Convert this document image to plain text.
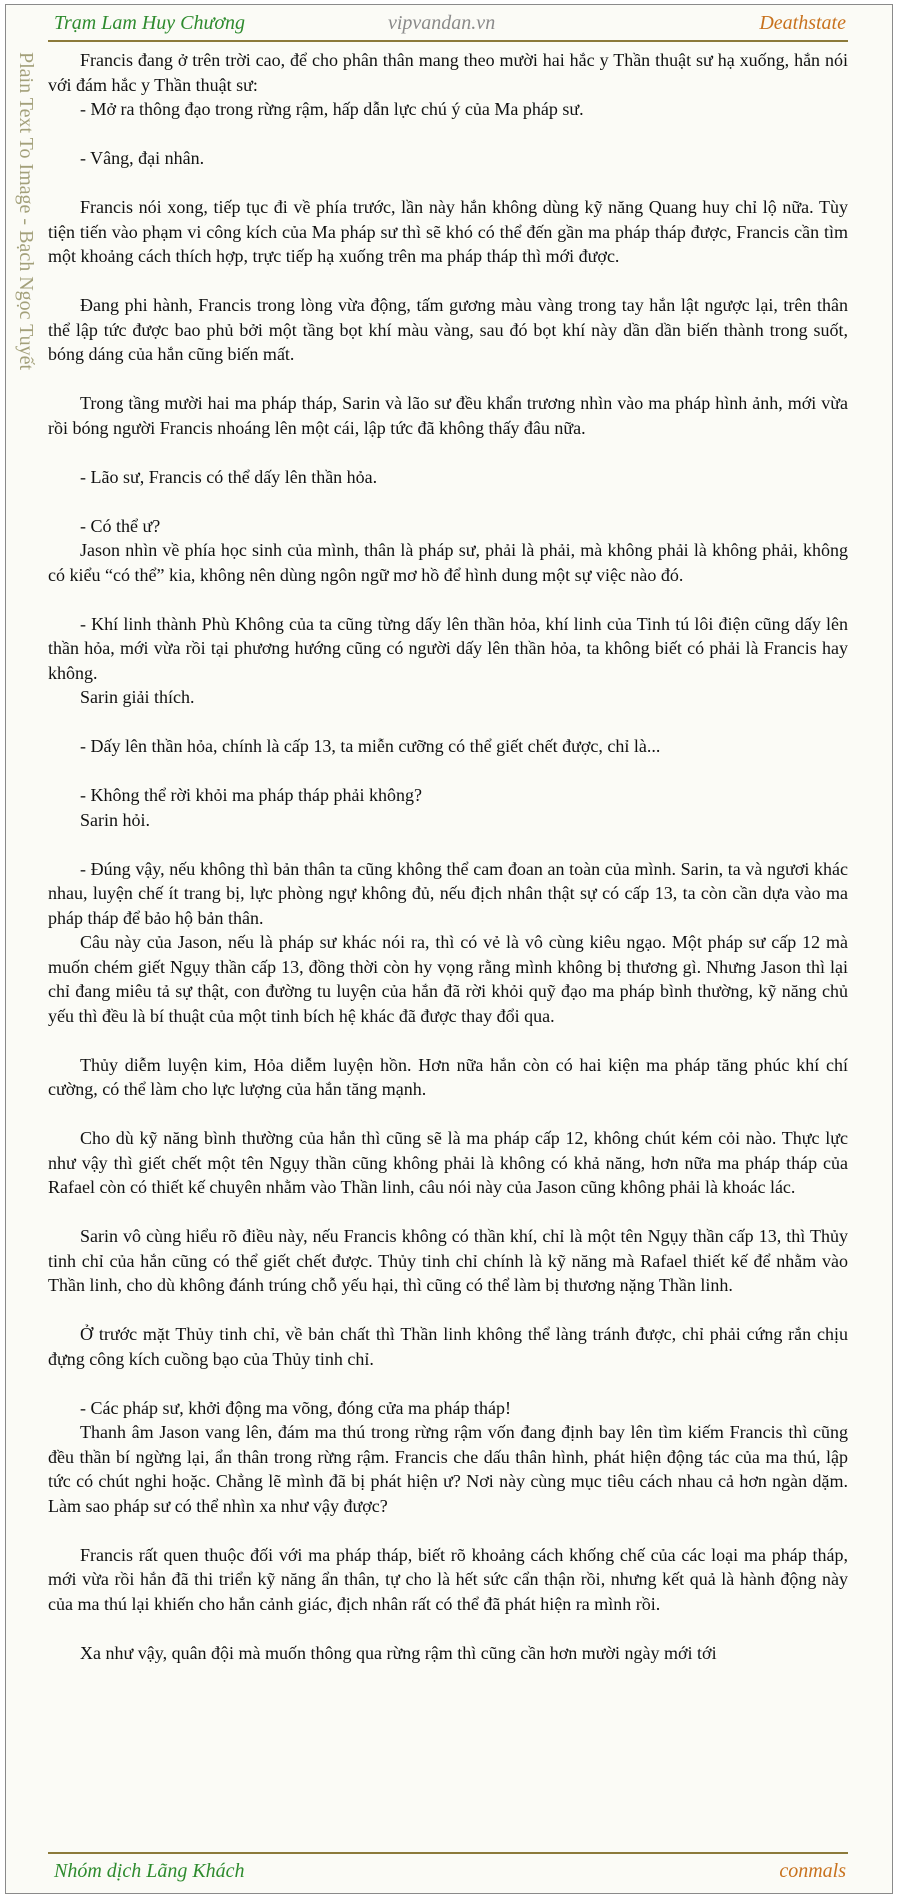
Trạm Lam Huy Chương	vipvandan.vn	Deathstate
Plain Text To Image - Bạch Ngọc Tuyết	Francis đang ở trên trời cao, để cho phân thân mang theo mười hai hắc y Thần thuật sư hạ xuống, hắn nói với đám hắc y Thần thuật sư:

- Mở ra thông đạo trong rừng rậm, hấp dẫn lực chú ý của Ma pháp sư.

- Vâng, đại nhân.

Francis nói xong, tiếp tục đi về phía trước, lần này hắn không dùng kỹ năng Quang huy chỉ lộ nữa. Tùy tiện tiến vào phạm vi công kích của Ma pháp sư thì sẽ khó có thể đến gần ma pháp tháp được, Francis cần tìm một khoảng cách thích hợp, trực tiếp hạ xuống trên ma pháp tháp thì mới được.

Đang phi hành, Francis trong lòng vừa động, tấm gương màu vàng trong tay hắn lật ngược lại, trên thân thể lập tức được bao phủ bởi một tầng bọt khí màu vàng, sau đó bọt khí này dần dần biến thành trong suốt, bóng dáng của hắn cũng biến mất.

Trong tầng mười hai ma pháp tháp, Sarin và lão sư đều khẩn trương nhìn vào ma pháp hình ảnh, mới vừa rồi bóng người Francis nhoáng lên một cái, lập tức đã không thấy đâu nữa.

- Lão sư, Francis có thể dấy lên thần hỏa.

- Có thể ư?

Jason nhìn về phía học sinh của mình, thân là pháp sư, phải là phải, mà không phải là không phải, không có kiểu “có thể” kia, không nên dùng ngôn ngữ mơ hồ để hình dung một sự việc nào đó.

- Khí linh thành Phù Không của ta cũng từng dấy lên thần hỏa, khí linh của Tinh tú lôi điện cũng dấy lên thần hỏa, mới vừa rồi tại phương hướng cũng có người dấy lên thần hỏa, ta không biết có phải là Francis hay không.

Sarin giải thích.

- Dấy lên thần hỏa, chính là cấp 13, ta miễn cưỡng có thể giết chết được, chỉ là...

- Không thể rời khỏi ma pháp tháp phải không?

Sarin hỏi.

- Đúng vậy, nếu không thì bản thân ta cũng không thể cam đoan an toàn của mình. Sarin, ta và ngươi khác nhau, luyện chế ít trang bị, lực phòng ngự không đủ, nếu địch nhân thật sự có cấp 13, ta còn cần dựa vào ma pháp tháp để bảo hộ bản thân.

Câu này của Jason, nếu là pháp sư khác nói ra, thì có vẻ là vô cùng kiêu ngạo. Một pháp sư cấp 12 mà muốn chém giết Ngụy thần cấp 13, đồng thời còn hy vọng rằng mình không bị thương gì. Nhưng Jason thì lại chỉ đang miêu tả sự thật, con đường tu luyện của hắn đã rời khỏi quỹ đạo ma pháp bình thường, kỹ năng chủ yếu thì đều là bí thuật của một tinh bích hệ khác đã được thay đổi qua.

Thủy diễm luyện kim, Hỏa diễm luyện hồn. Hơn nữa hắn còn có hai kiện ma pháp tăng phúc khí chí cường, có thể làm cho lực lượng của hắn tăng mạnh.

Cho dù kỹ năng bình thường của hắn thì cũng sẽ là ma pháp cấp 12, không chút kém cỏi nào. Thực lực như vậy thì giết chết một tên Ngụy thần cũng không phải là không có khả năng, hơn nữa ma pháp tháp của Rafael còn có thiết kế chuyên nhằm vào Thần linh, câu nói này của Jason cũng không phải là khoác lác.

Sarin vô cùng hiểu rõ điều này, nếu Francis không có thần khí, chỉ là một tên Ngụy thần cấp 13, thì Thủy tinh chỉ của hắn cũng có thể giết chết được. Thủy tinh chỉ chính là kỹ năng mà Rafael thiết kế để nhằm vào Thần linh, cho dù không đánh trúng chỗ yếu hại, thì cũng có thể làm bị thương nặng Thần linh.

Ở trước mặt Thủy tinh chỉ, về bản chất thì Thần linh không thể làng tránh được, chỉ phải cứng rắn chịu đựng công kích cuồng bạo của Thủy tinh chỉ.

- Các pháp sư, khởi động ma võng, đóng cửa ma pháp tháp!

Thanh âm Jason vang lên, đám ma thú trong rừng rậm vốn đang định bay lên tìm kiếm Francis thì cũng đều thần bí ngừng lại, ẩn thân trong rừng rậm. Francis che dấu thân hình, phát hiện động tác của ma thú, lập tức có chút nghi hoặc. Chẳng lẽ mình đã bị phát hiện ư? Nơi này cùng mục tiêu cách nhau cả hơn ngàn dặm. Làm sao pháp sư có thể nhìn xa như vậy được?

Francis rất quen thuộc đối với ma pháp tháp, biết rõ khoảng cách khống chế của các loại ma pháp tháp, mới vừa rồi hắn đã thi triển kỹ năng ẩn thân, tự cho là hết sức cẩn thận rồi, nhưng kết quả là hành động này của ma thú lại khiến cho hắn cảnh giác, địch nhân rất có thể đã phát hiện ra mình rồi.

Xa như vậy, quân đội mà muốn thông qua rừng rậm thì cũng cần hơn mười ngày mới tới

Nhóm dịch Lãng Khách	conmals
